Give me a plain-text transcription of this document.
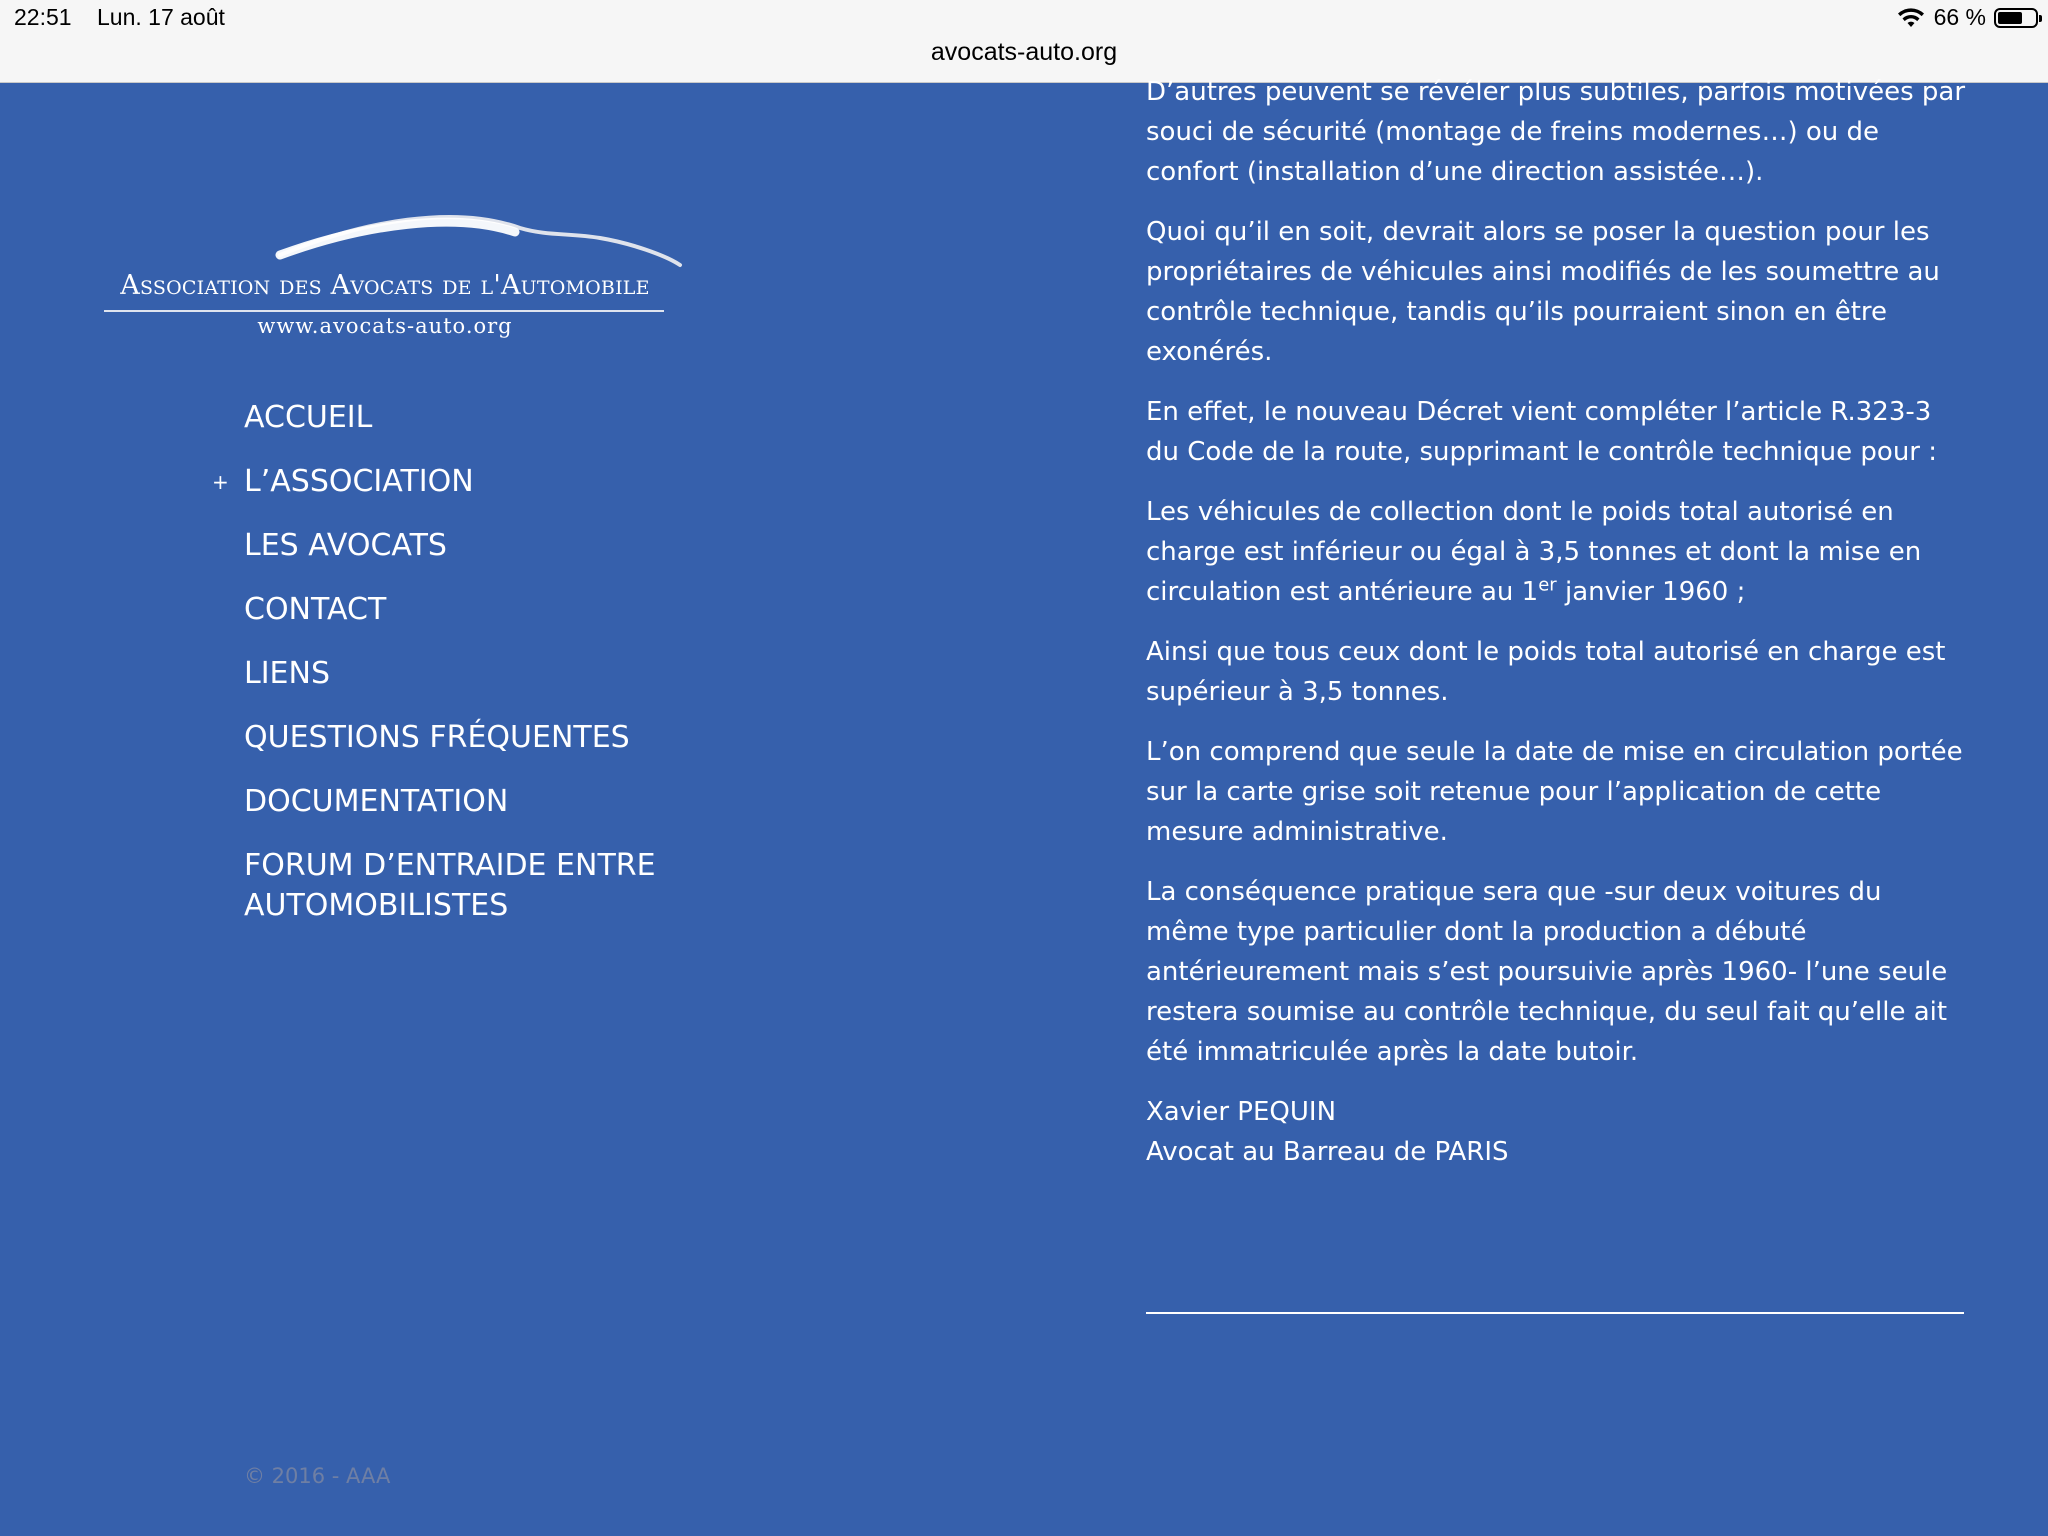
22:51 Lun. 17 août	66 %
avocats-auto.org
Association des Avocats de l'Automobile
www.avocats-auto.org
ACCUEIL
+ L’ASSOCIATION
LES AVOCATS
CONTACT
LIENS
QUESTIONS FRÉQUENTES
DOCUMENTATION
FORUM D’ENTRAIDE ENTRE AUTOMOBILISTES

D’autres peuvent se révéler plus subtiles, parfois motivées par souci de sécurité (montage de freins modernes…) ou de confort (installation d’une direction assistée…).

Quoi qu’il en soit, devrait alors se poser la question pour les propriétaires de véhicules ainsi modifiés de les soumettre au contrôle technique, tandis qu’ils pourraient sinon en être exonérés.

En effet, le nouveau Décret vient compléter l’article R.323-3 du Code de la route, supprimant le contrôle technique pour :

Les véhicules de collection dont le poids total autorisé en charge est inférieur ou égal à 3,5 tonnes et dont la mise en circulation est antérieure au 1er janvier 1960 ;

Ainsi que tous ceux dont le poids total autorisé en charge est supérieur à 3,5 tonnes.

L’on comprend que seule la date de mise en circulation portée sur la carte grise soit retenue pour l’application de cette mesure administrative.

La conséquence pratique sera que -sur deux voitures du même type particulier dont la production a débuté antérieurement mais s’est poursuivie après 1960- l’une seule restera soumise au contrôle technique, du seul fait qu’elle ait été immatriculée après la date butoir.

Xavier PEQUIN
Avocat au Barreau de PARIS
© 2016 - AAA
